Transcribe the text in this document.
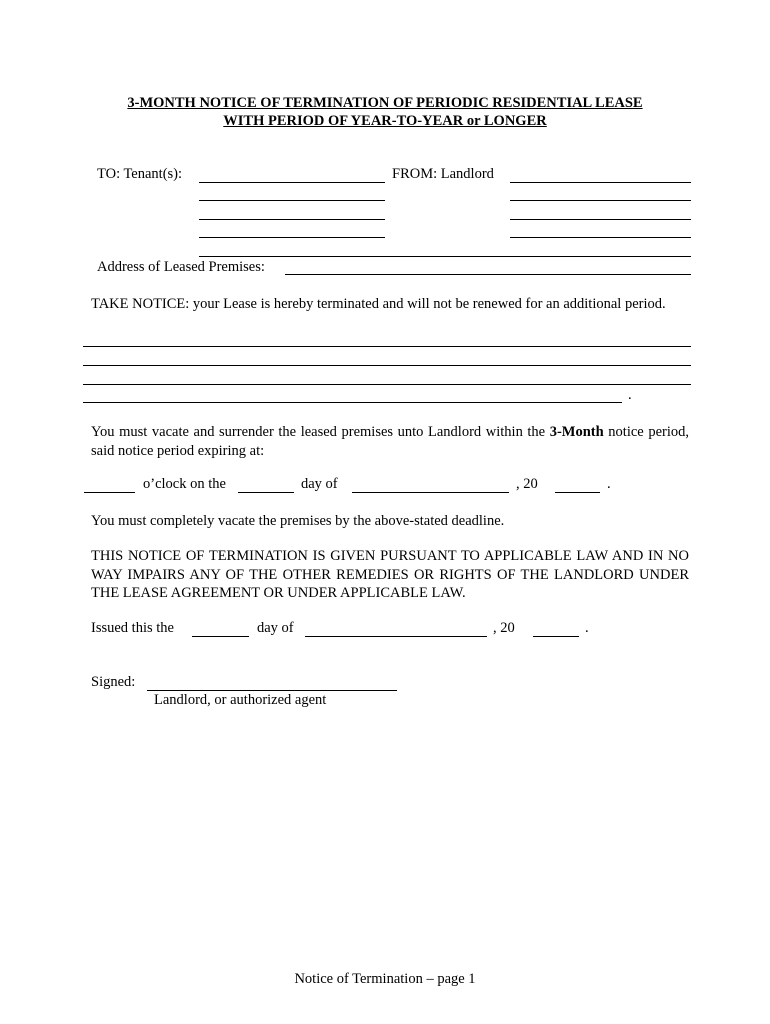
3-MONTH NOTICE OF TERMINATION OF PERIODIC RESIDENTIAL LEASE
WITH PERIOD OF YEAR-TO-YEAR or LONGER
TO: Tenant(s):	FROM: Landlord
Address of Leased Premises:
TAKE NOTICE: your Lease is hereby terminated and will not be renewed for an additional period.
.
You must vacate and surrender the leased premises unto Landlord within the 3-Month notice period, said notice period expiring at:
o’clock on the	day of	, 20	.
You must completely vacate the premises by the above-stated deadline.
THIS NOTICE OF TERMINATION IS GIVEN PURSUANT TO APPLICABLE LAW AND IN NO WAY IMPAIRS ANY OF THE OTHER REMEDIES OR RIGHTS OF THE LANDLORD UNDER THE LEASE AGREEMENT OR UNDER APPLICABLE LAW.
Issued this the	day of	, 20	.
Signed:
Landlord, or authorized agent
Notice of Termination – page 1
